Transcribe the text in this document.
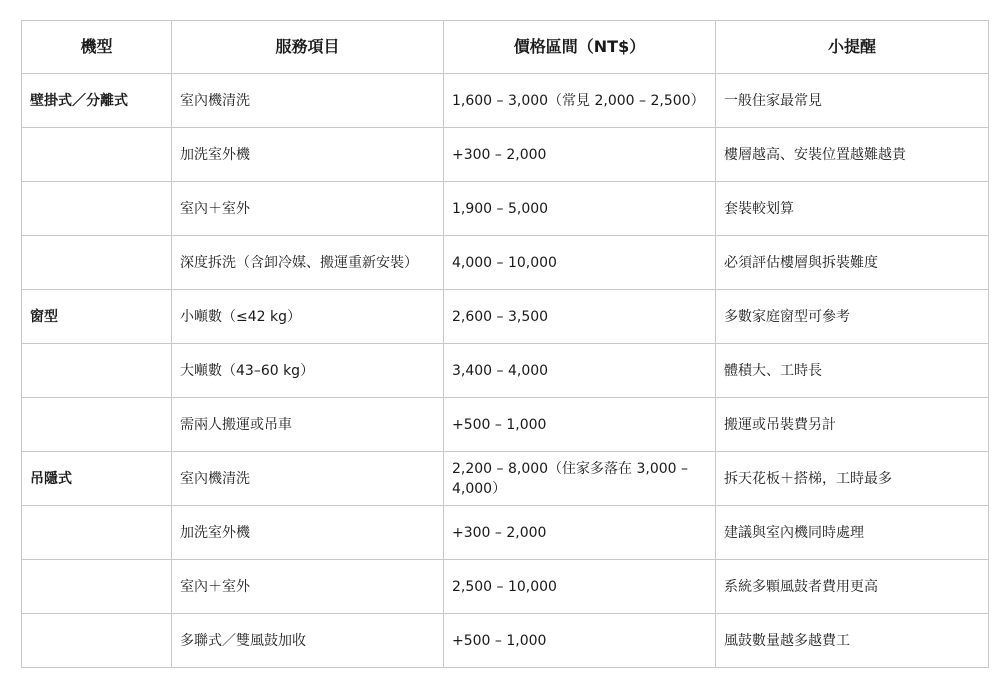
機型	服務項目	價格區間（NT$）	小提醒
壁掛式／分離式	室內機清洗	1,600 – 3,000（常見 2,000 – 2,500）	一般住家最常見
	加洗室外機	+300 – 2,000	樓層越高、安裝位置越難越貴
	室內＋室外	1,900 – 5,000	套裝較划算
	深度拆洗（含卸冷媒、搬運重新安裝）	4,000 – 10,000	必須評估樓層與拆裝難度
窗型	小噸數（≤42 kg）	2,600 – 3,500	多數家庭窗型可參考
	大噸數（43–60 kg）	3,400 – 4,000	體積大、工時長
	需兩人搬運或吊車	+500 – 1,000	搬運或吊裝費另計
吊隱式	室內機清洗	2,200 – 8,000（住家多落在 3,000 – 4,000）	拆天花板＋搭梯，工時最多
	加洗室外機	+300 – 2,000	建議與室內機同時處理
	室內＋室外	2,500 – 10,000	系統多顆風鼓者費用更高
	多聯式／雙風鼓加收	+500 – 1,000	風鼓數量越多越費工
